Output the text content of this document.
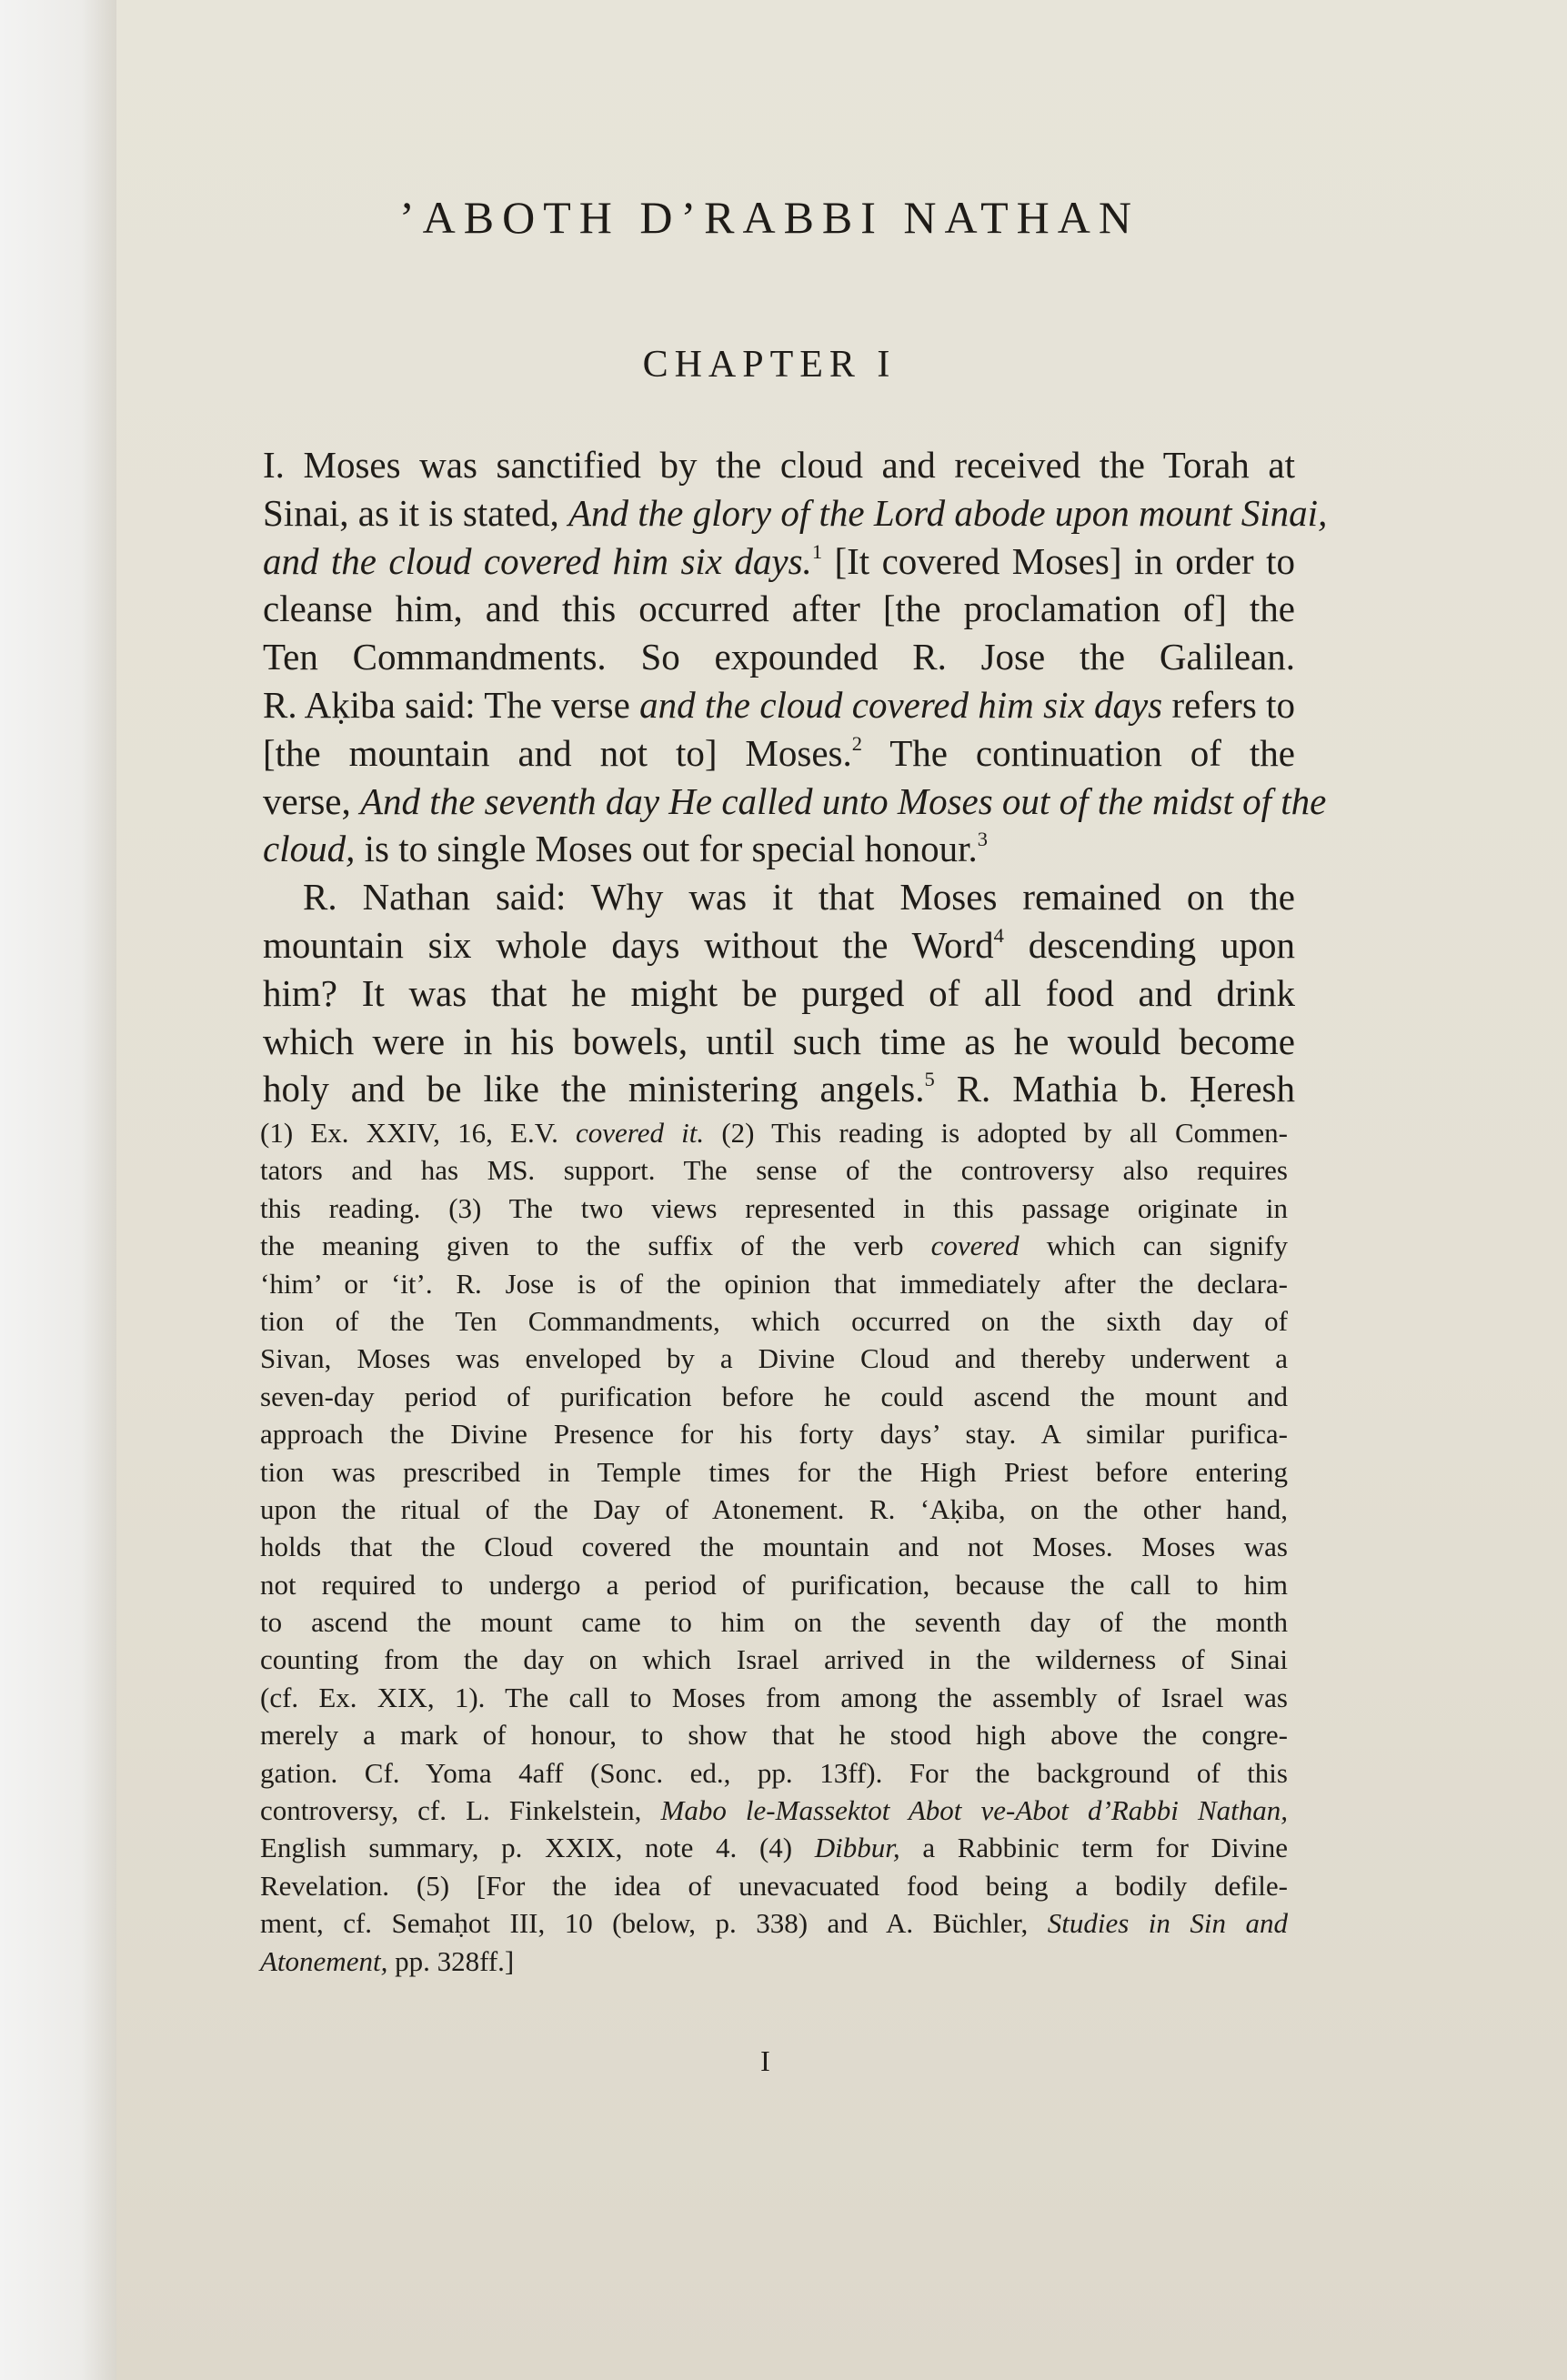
’ABOTH D’RABBI NATHAN
CHAPTER I
I. Moses was sanctified by the cloud and received the Torah at
Sinai, as it is stated, And the glory of the Lord abode upon mount Sinai,
and the cloud covered him six days.$^1$ [It covered Moses] in order to
cleanse him, and this occurred after [the proclamation of] the
Ten Commandments. So expounded R. Jose the Galilean.
R. Aḳiba said: The verse and the cloud covered him six days refers to
[the mountain and not to] Moses.$^2$ The continuation of the
verse, And the seventh day He called unto Moses out of the midst of the
cloud, is to single Moses out for special honour.$^3$
R. Nathan said: Why was it that Moses remained on the
mountain six whole days without the Word$^4$ descending upon
him? It was that he might be purged of all food and drink
which were in his bowels, until such time as he would become
holy and be like the ministering angels.$^5$ R. Mathia b. Ḥeresh
(1) Ex. XXIV, 16, E.V. covered it. (2) This reading is adopted by all Commen-
tators and has MS. support. The sense of the controversy also requires
this reading. (3) The two views represented in this passage originate in
the meaning given to the suffix of the verb covered which can signify
‘him’ or ‘it’. R. Jose is of the opinion that immediately after the declara-
tion of the Ten Commandments, which occurred on the sixth day of
Sivan, Moses was enveloped by a Divine Cloud and thereby underwent a
seven-day period of purification before he could ascend the mount and
approach the Divine Presence for his forty days’ stay. A similar purifica-
tion was prescribed in Temple times for the High Priest before entering
upon the ritual of the Day of Atonement. R. ‘Aḳiba, on the other hand,
holds that the Cloud covered the mountain and not Moses. Moses was
not required to undergo a period of purification, because the call to him
to ascend the mount came to him on the seventh day of the month
counting from the day on which Israel arrived in the wilderness of Sinai
(cf. Ex. XIX, 1). The call to Moses from among the assembly of Israel was
merely a mark of honour, to show that he stood high above the congre-
gation. Cf. Yoma 4aff (Sonc. ed., pp. 13ff). For the background of this
controversy, cf. L. Finkelstein, Mabo le-Massektot Abot ve-Abot d’Rabbi Nathan,
English summary, p. XXIX, note 4. (4) Dibbur, a Rabbinic term for Divine
Revelation. (5) [For the idea of unevacuated food being a bodily defile-
ment, cf. Semaḥot III, 10 (below, p. 338) and A. Büchler, Studies in Sin and
Atonement, pp. 328ff.]
I
